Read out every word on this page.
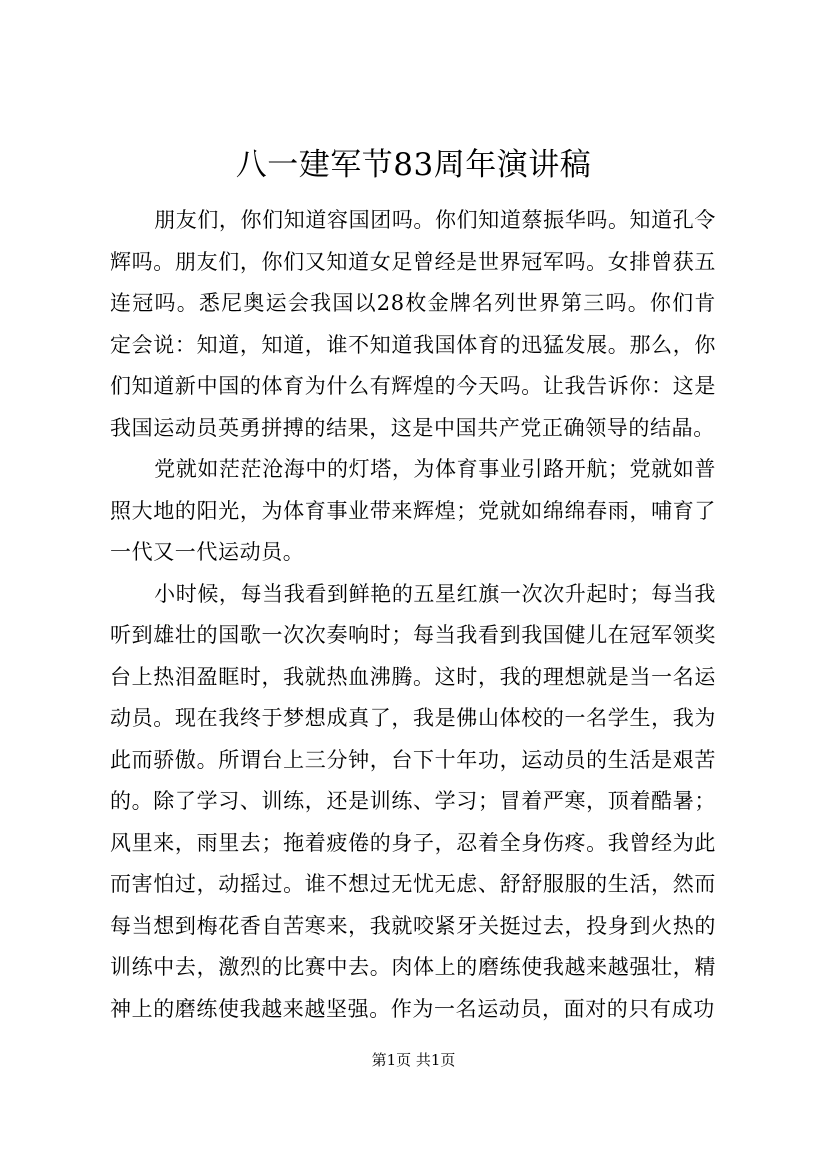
八一建军节83周年演讲稿

朋友们，你们知道容国团吗。你们知道蔡振华吗。知道孔令辉吗。朋友们，你们又知道女足曾经是世界冠军吗。女排曾获五连冠吗。悉尼奥运会我国以28枚金牌名列世界第三吗。你们肯定会说：知道，知道，谁不知道我国体育的迅猛发展。那么，你们知道新中国的体育为什么有辉煌的今天吗。让我告诉你：这是我国运动员英勇拼搏的结果，这是中国共产党正确领导的结晶。

党就如茫茫沧海中的灯塔，为体育事业引路开航；党就如普照大地的阳光，为体育事业带来辉煌；党就如绵绵春雨，哺育了一代又一代运动员。

小时候，每当我看到鲜艳的五星红旗一次次升起时；每当我听到雄壮的国歌一次次奏响时；每当我看到我国健儿在冠军领奖台上热泪盈眶时，我就热血沸腾。这时，我的理想就是当一名运动员。现在我终于梦想成真了，我是佛山体校的一名学生，我为此而骄傲。所谓台上三分钟，台下十年功，运动员的生活是艰苦的。除了学习、训练，还是训练、学习；冒着严寒，顶着酷暑；风里来，雨里去；拖着疲倦的身子，忍着全身伤疼。我曾经为此而害怕过，动摇过。谁不想过无忧无虑、舒舒服服的生活，然而每当想到梅花香自苦寒来，我就咬紧牙关挺过去，投身到火热的训练中去，激烈的比赛中去。肉体上的磨练使我越来越强壮，精神上的磨练使我越来越坚强。作为一名运动员，面对的只有成功

第1页 共1页
